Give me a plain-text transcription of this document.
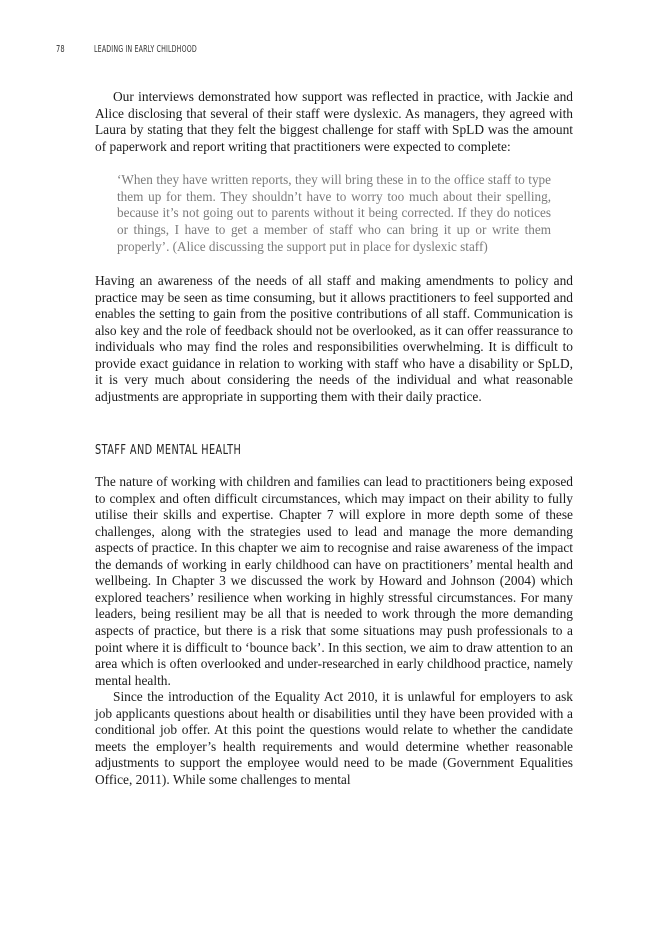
78	LEADING IN EARLY CHILDHOOD

Our interviews demonstrated how support was reflected in practice, with Jackie and Alice disclosing that several of their staff were dyslexic. As managers, they agreed with Laura by stating that they felt the biggest challenge for staff with SpLD was the amount of paperwork and report writing that practitioners were expected to complete:

‘When they have written reports, they will bring these in to the office staff to type them up for them. They shouldn’t have to worry too much about their spelling, because it’s not going out to parents without it being corrected. If they do notices or things, I have to get a member of staff who can bring it up or write them properly’. (Alice discussing the support put in place for dyslexic staff)

Having an awareness of the needs of all staff and making amendments to policy and practice may be seen as time consuming, but it allows practitioners to feel supported and enables the setting to gain from the positive contributions of all staff. Communication is also key and the role of feedback should not be overlooked, as it can offer reassurance to individuals who may find the roles and responsibilities overwhelming. It is difficult to provide exact guidance in relation to working with staff who have a disability or SpLD, it is very much about considering the needs of the individual and what reasonable adjustments are appropriate in supporting them with their daily practice.

STAFF AND MENTAL HEALTH

The nature of working with children and families can lead to practitioners being exposed to complex and often difficult circumstances, which may impact on their ability to fully utilise their skills and expertise. Chapter 7 will explore in more depth some of these challenges, along with the strategies used to lead and manage the more demanding aspects of practice. In this chapter we aim to recognise and raise awareness of the impact the demands of working in early childhood can have on practitioners’ mental health and wellbeing. In Chapter 3 we discussed the work by Howard and Johnson (2004) which explored teachers’ resilience when working in highly stressful circumstances. For many leaders, being resilient may be all that is needed to work through the more demanding aspects of practice, but there is a risk that some situations may push professionals to a point where it is difficult to ‘bounce back’. In this section, we aim to draw attention to an area which is often overlooked and under-researched in early childhood practice, namely mental health.

Since the introduction of the Equality Act 2010, it is unlawful for employers to ask job applicants questions about health or disabilities until they have been provided with a conditional job offer. At this point the questions would relate to whether the candidate meets the employer’s health requirements and would determine whether reasonable adjustments to support the employee would need to be made (Government Equalities Office, 2011). While some challenges to mental
